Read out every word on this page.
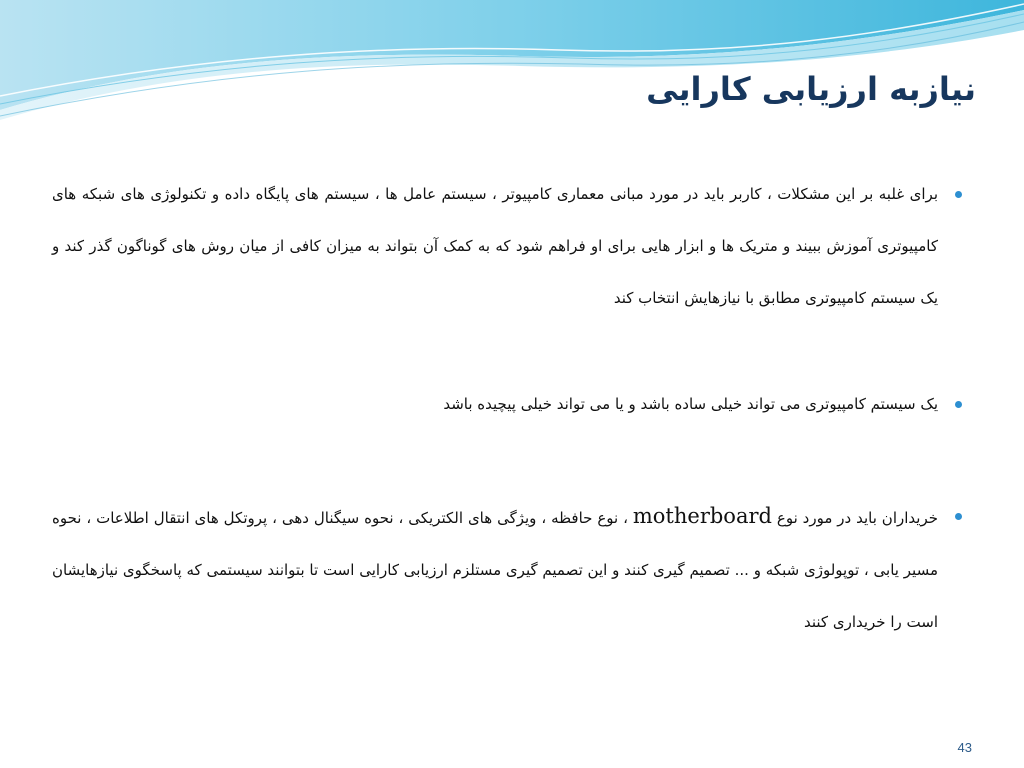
نیازبه ارزیابی کارایی

برای غلبه بر این مشکلات ، کاربر باید در مورد مبانی معماری کامپیوتر ، سیستم عامل ها ، سیستم های پایگاه داده و تکنولوژی های شبکه های کامپیوتری آموزش ببیند و متریک ها و ابزار هایی برای او فراهم شود که به کمک آن بتواند به میزان کافی از میان روش های گوناگون گذر کند و یک سیستم کامپیوتری مطابق با نیازهایش انتخاب کند

یک سیستم کامپیوتری می تواند خیلی ساده باشد و یا می تواند خیلی پیچیده باشد

خریداران باید در مورد نوع motherboard ، نوع حافظه ، ویژگی های الکتریکی ، نحوه سیگنال دهی ، پروتکل های انتقال اطلاعات ، نحوه مسیر یابی ، توپولوژی شبکه و ... تصمیم گیری کنند و این تصمیم گیری مستلزم ارزیابی کارایی است تا بتوانند سیستمی که پاسخگوی نیازهایشان است را خریداری کنند

43
